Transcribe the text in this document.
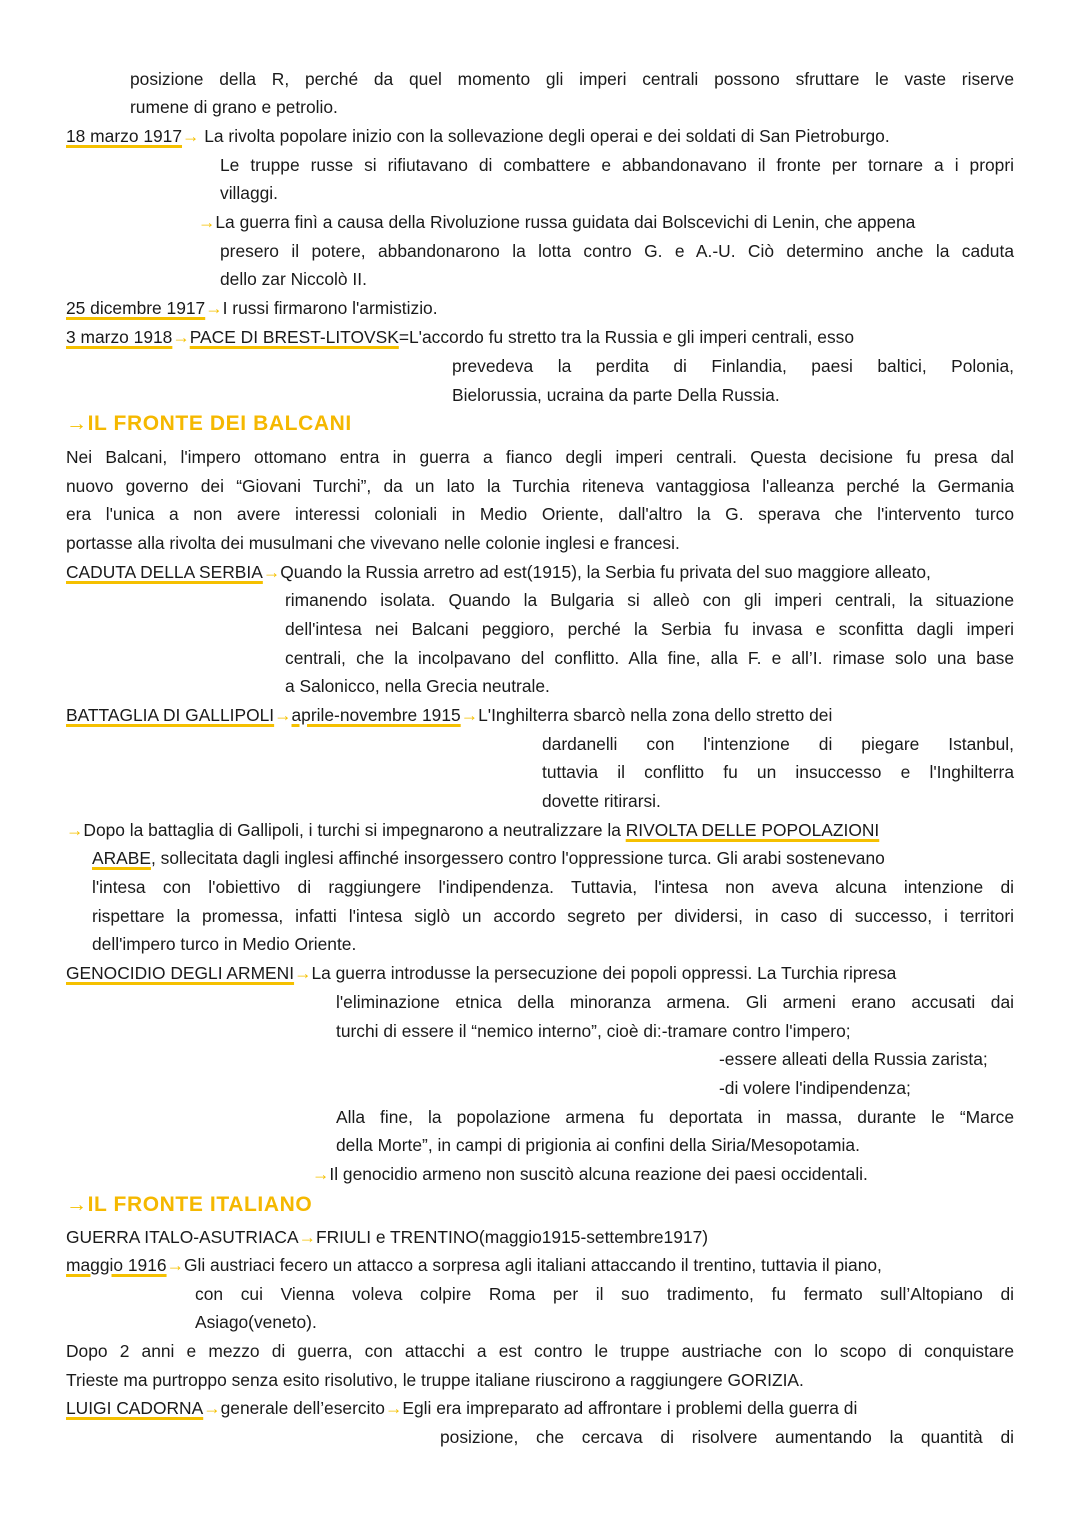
posizione della R, perché da quel momento gli imperi centrali possono sfruttare le vaste riserve
rumene di grano e petrolio.
18 marzo 1917→ La rivolta popolare inizio con la sollevazione degli operai e dei soldati di San Pietroburgo.
Le truppe russe si rifiutavano di combattere e abbandonavano il fronte per tornare a i propri
villaggi.
→La guerra finì a causa della Rivoluzione russa guidata dai Bolscevichi di Lenin, che appena
presero il potere, abbandonarono la lotta contro G. e A.-U. Ciò determino anche la caduta
dello zar Niccolò II.
25 dicembre 1917→I russi firmarono l'armistizio.
3 marzo 1918→PACE DI BREST-LITOVSK=L'accordo fu stretto tra la Russia e gli imperi centrali, esso
prevedeva la perdita di Finlandia, paesi baltici, Polonia,
Bielorussia, ucraina da parte Della Russia.
→IL FRONTE DEI BALCANI
Nei Balcani, l'impero ottomano entra in guerra a fianco degli imperi centrali. Questa decisione fu presa dal
nuovo governo dei “Giovani Turchi”, da un lato la Turchia riteneva vantaggiosa l'alleanza perché la Germania
era l'unica a non avere interessi coloniali in Medio Oriente, dall'altro la G. sperava che l'intervento turco
portasse alla rivolta dei musulmani che vivevano nelle colonie inglesi e francesi.
CADUTA DELLA SERBIA→Quando la Russia arretro ad est(1915), la Serbia fu privata del suo maggiore alleato,
rimanendo isolata. Quando la Bulgaria si alleò con gli imperi centrali, la situazione
dell'intesa nei Balcani peggioro, perché la Serbia fu invasa e sconfitta dagli imperi
centrali, che la incolpavano del conflitto. Alla fine, alla F. e all’I. rimase solo una base
a Salonicco, nella Grecia neutrale.
BATTAGLIA DI GALLIPOLI→aprile-novembre 1915→L'Inghilterra sbarcò nella zona dello stretto dei
dardanelli con l'intenzione di piegare Istanbul,
tuttavia il conflitto fu un insuccesso e l'Inghilterra
dovette ritirarsi.
→Dopo la battaglia di Gallipoli, i turchi si impegnarono a neutralizzare la RIVOLTA DELLE POPOLAZIONI
ARABE, sollecitata dagli inglesi affinché insorgessero contro l'oppressione turca. Gli arabi sostenevano
l'intesa con l'obiettivo di raggiungere l'indipendenza. Tuttavia, l'intesa non aveva alcuna intenzione di
rispettare la promessa, infatti l'intesa siglò un accordo segreto per dividersi, in caso di successo, i territori
dell'impero turco in Medio Oriente.
GENOCIDIO DEGLI ARMENI→La guerra introdusse la persecuzione dei popoli oppressi. La Turchia ripresa
l'eliminazione etnica della minoranza armena. Gli armeni erano accusati dai
turchi di essere il “nemico interno”, cioè di:-tramare contro l'impero;
-essere alleati della Russia zarista;
-di volere l'indipendenza;
Alla fine, la popolazione armena fu deportata in massa, durante le “Marce
della Morte”, in campi di prigionia ai confini della Siria/Mesopotamia.
→Il genocidio armeno non suscitò alcuna reazione dei paesi occidentali.
→IL FRONTE ITALIANO
GUERRA ITALO-ASUTRIACA→FRIULI e TRENTINO(maggio1915-settembre1917)
maggio 1916→Gli austriaci fecero un attacco a sorpresa agli italiani attaccando il trentino, tuttavia il piano,
con cui Vienna voleva colpire Roma per il suo tradimento, fu fermato sull’Altopiano di
Asiago(veneto).
Dopo 2 anni e mezzo di guerra, con attacchi a est contro le truppe austriache con lo scopo di conquistare
Trieste ma purtroppo senza esito risolutivo, le truppe italiane riuscirono a raggiungere GORIZIA.
LUIGI CADORNA→generale dell’esercito→Egli era impreparato ad affrontare i problemi della guerra di
posizione, che cercava di risolvere aumentando la quantità di
